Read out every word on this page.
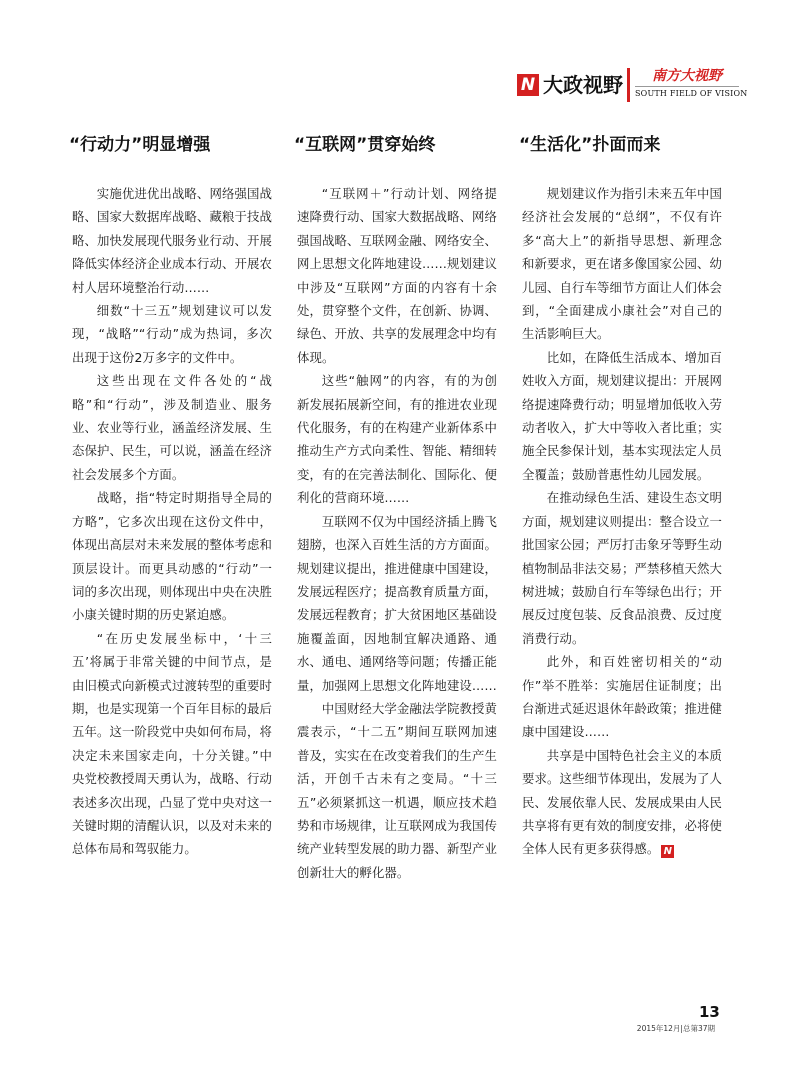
N 大政视野	南方大视野
SOUTH FIELD OF VISION
“行动力”明显增强

实施优进优出战略、网络强国战略、国家大数据库战略、藏粮于技战略、加快发展现代服务业行动、开展降低实体经济企业成本行动、开展农村人居环境整治行动……

细数“十三五”规划建议可以发现，“战略”“行动”成为热词，多次出现于这份2万多字的文件中。

这些出现在文件各处的“战略”和“行动”，涉及制造业、服务业、农业等行业，涵盖经济发展、生态保护、民生，可以说，涵盖在经济社会发展多个方面。

战略，指“特定时期指导全局的方略”，它多次出现在这份文件中，体现出高层对未来发展的整体考虑和顶层设计。而更具动感的“行动”一词的多次出现，则体现出中央在决胜小康关键时期的历史紧迫感。

“在历史发展坐标中，‘十三五’将属于非常关键的中间节点，是由旧模式向新模式过渡转型的重要时期，也是实现第一个百年目标的最后五年。这一阶段党中央如何布局，将决定未来国家走向，十分关键。”中央党校教授周天勇认为，战略、行动表述多次出现，凸显了党中央对这一关键时期的清醒认识，以及对未来的总体布局和驾驭能力。

“互联网”贯穿始终

“互联网＋”行动计划、网络提速降费行动、国家大数据战略、网络强国战略、互联网金融、网络安全、网上思想文化阵地建设……规划建议中涉及“互联网”方面的内容有十余处，贯穿整个文件，在创新、协调、绿色、开放、共享的发展理念中均有体现。

这些“触网”的内容，有的为创新发展拓展新空间，有的推进农业现代化服务，有的在构建产业新体系中推动生产方式向柔性、智能、精细转变，有的在完善法制化、国际化、便利化的营商环境……

互联网不仅为中国经济插上腾飞翅膀，也深入百姓生活的方方面面。规划建议提出，推进健康中国建设，发展远程医疗；提高教育质量方面，发展远程教育；扩大贫困地区基础设施覆盖面，因地制宜解决通路、通水、通电、通网络等问题；传播正能量，加强网上思想文化阵地建设……

中国财经大学金融法学院教授黄震表示，“十二五”期间互联网加速普及，实实在在改变着我们的生产生活，开创千古未有之变局。“十三五”必须紧抓这一机遇，顺应技术趋势和市场规律，让互联网成为我国传统产业转型发展的助力器、新型产业创新壮大的孵化器。

“生活化”扑面而来

规划建议作为指引未来五年中国经济社会发展的“总纲”，不仅有许多“高大上”的新指导思想、新理念和新要求，更在诸多像国家公园、幼儿园、自行车等细节方面让人们体会到，“全面建成小康社会”对自己的生活影响巨大。

比如，在降低生活成本、增加百姓收入方面，规划建议提出：开展网络提速降费行动；明显增加低收入劳动者收入，扩大中等收入者比重；实施全民参保计划，基本实现法定人员全覆盖；鼓励普惠性幼儿园发展。

在推动绿色生活、建设生态文明方面，规划建议则提出：整合设立一批国家公园；严厉打击象牙等野生动植物制品非法交易；严禁移植天然大树进城；鼓励自行车等绿色出行；开展反过度包装、反食品浪费、反过度消费行动。

此外，和百姓密切相关的“动作”举不胜举：实施居住证制度；出台渐进式延迟退休年龄政策；推进健康中国建设……

共享是中国特色社会主义的本质要求。这些细节体现出，发展为了人民、发展依靠人民、发展成果由人民共享将有更有效的制度安排，必将使全体人民有更多获得感。 N

13
2015年12月|总第37期
